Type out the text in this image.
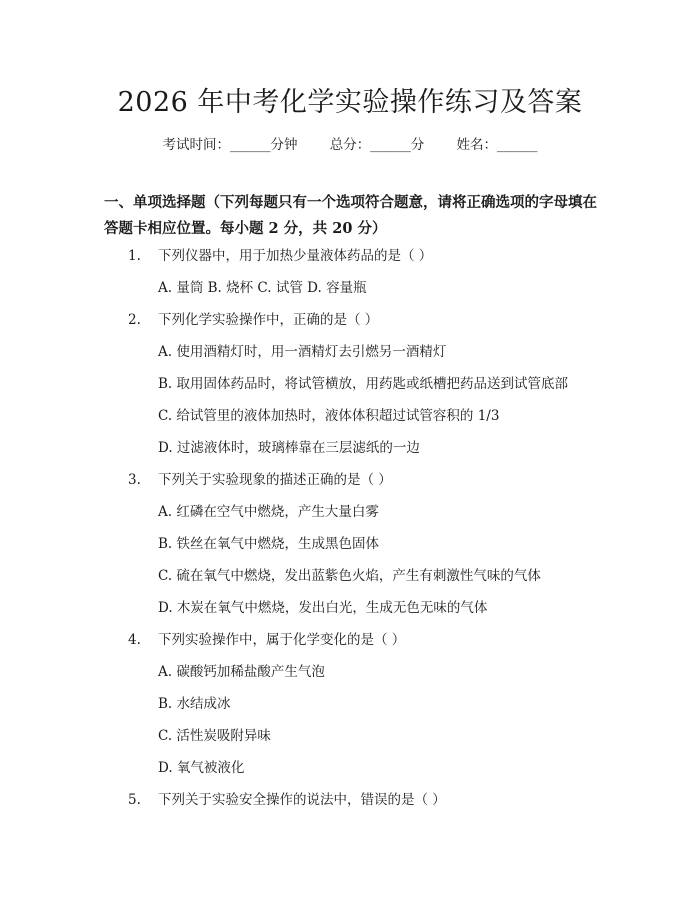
2026 年中考化学实验操作练习及答案
考试时间：______分钟 总分：______分 姓名：______
一、单项选择题（下列每题只有一个选项符合题意，请将正确选项的字母填在答题卡相应位置。每小题 2 分，共 20 分）
1. 下列仪器中，用于加热少量液体药品的是（ ）
A. 量筒 B. 烧杯 C. 试管 D. 容量瓶
2. 下列化学实验操作中，正确的是（ ）
A. 使用酒精灯时，用一酒精灯去引燃另一酒精灯
B. 取用固体药品时，将试管横放，用药匙或纸槽把药品送到试管底部
C. 给试管里的液体加热时，液体体积超过试管容积的 1/3
D. 过滤液体时，玻璃棒靠在三层滤纸的一边
3. 下列关于实验现象的描述正确的是（ ）
A. 红磷在空气中燃烧，产生大量白雾
B. 铁丝在氧气中燃烧，生成黑色固体
C. 硫在氧气中燃烧，发出蓝紫色火焰，产生有刺激性气味的气体
D. 木炭在氧气中燃烧，发出白光，生成无色无味的气体
4. 下列实验操作中，属于化学变化的是（ ）
A. 碳酸钙加稀盐酸产生气泡
B. 水结成冰
C. 活性炭吸附异味
D. 氧气被液化
5. 下列关于实验安全操作的说法中，错误的是（ ）
